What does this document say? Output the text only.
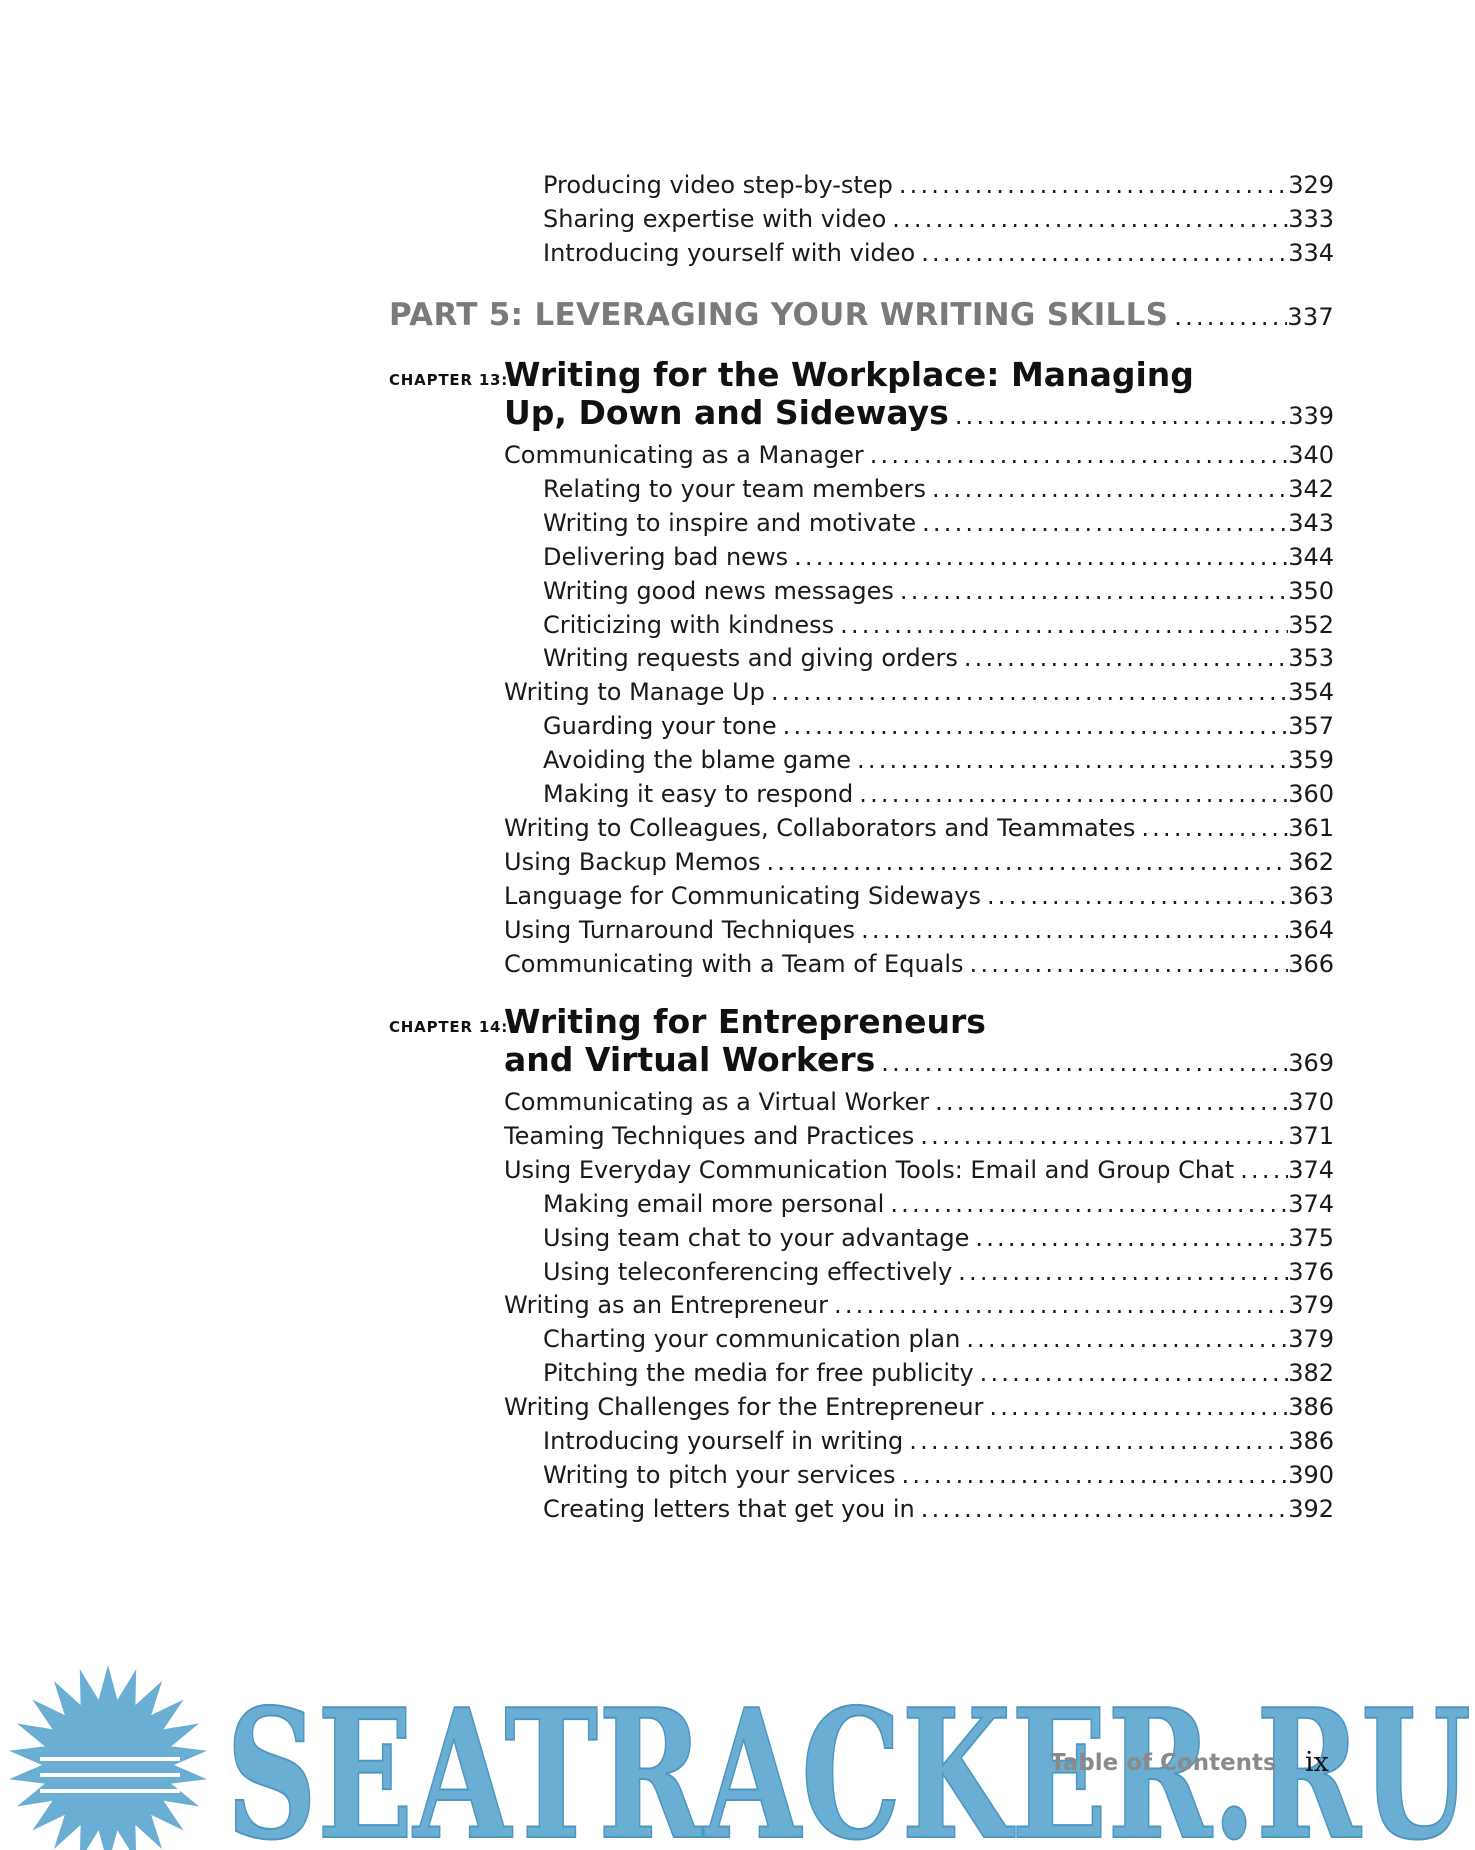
Producing video step-by-step .....	329
Sharing expertise with video .....	333
Introducing yourself with video .....	334
PART 5: LEVERAGING YOUR WRITING SKILLS .....	337
CHAPTER 13:
Writing for the Workplace: Managing
Up, Down and Sideways .....	339
Communicating as a Manager .....	340
Relating to your team members .....	342
Writing to inspire and motivate .....	343
Delivering bad news .....	344
Writing good news messages .....	350
Criticizing with kindness .....	352
Writing requests and giving orders .....	353
Writing to Manage Up .....	354
Guarding your tone .....	357
Avoiding the blame game .....	359
Making it easy to respond .....	360
Writing to Colleagues, Collaborators and Teammates .....	361
Using Backup Memos .....	362
Language for Communicating Sideways .....	363
Using Turnaround Techniques .....	364
Communicating with a Team of Equals .....	366
CHAPTER 14:
Writing for Entrepreneurs
and Virtual Workers .....	369
Communicating as a Virtual Worker .....	370
Teaming Techniques and Practices .....	371
Using Everyday Communication Tools: Email and Group Chat ..... 374
Making email more personal .....	374
Using team chat to your advantage .....	375
Using teleconferencing effectively .....	376
Writing as an Entrepreneur .....	379
Charting your communication plan .....	379
Pitching the media for free publicity .....	382
Writing Challenges for the Entrepreneur .....	386
Introducing yourself in writing .....	386
Writing to pitch your services .....	390
Creating letters that get you in .....	392
SEATRACKER.RU
Table of Contents ix
